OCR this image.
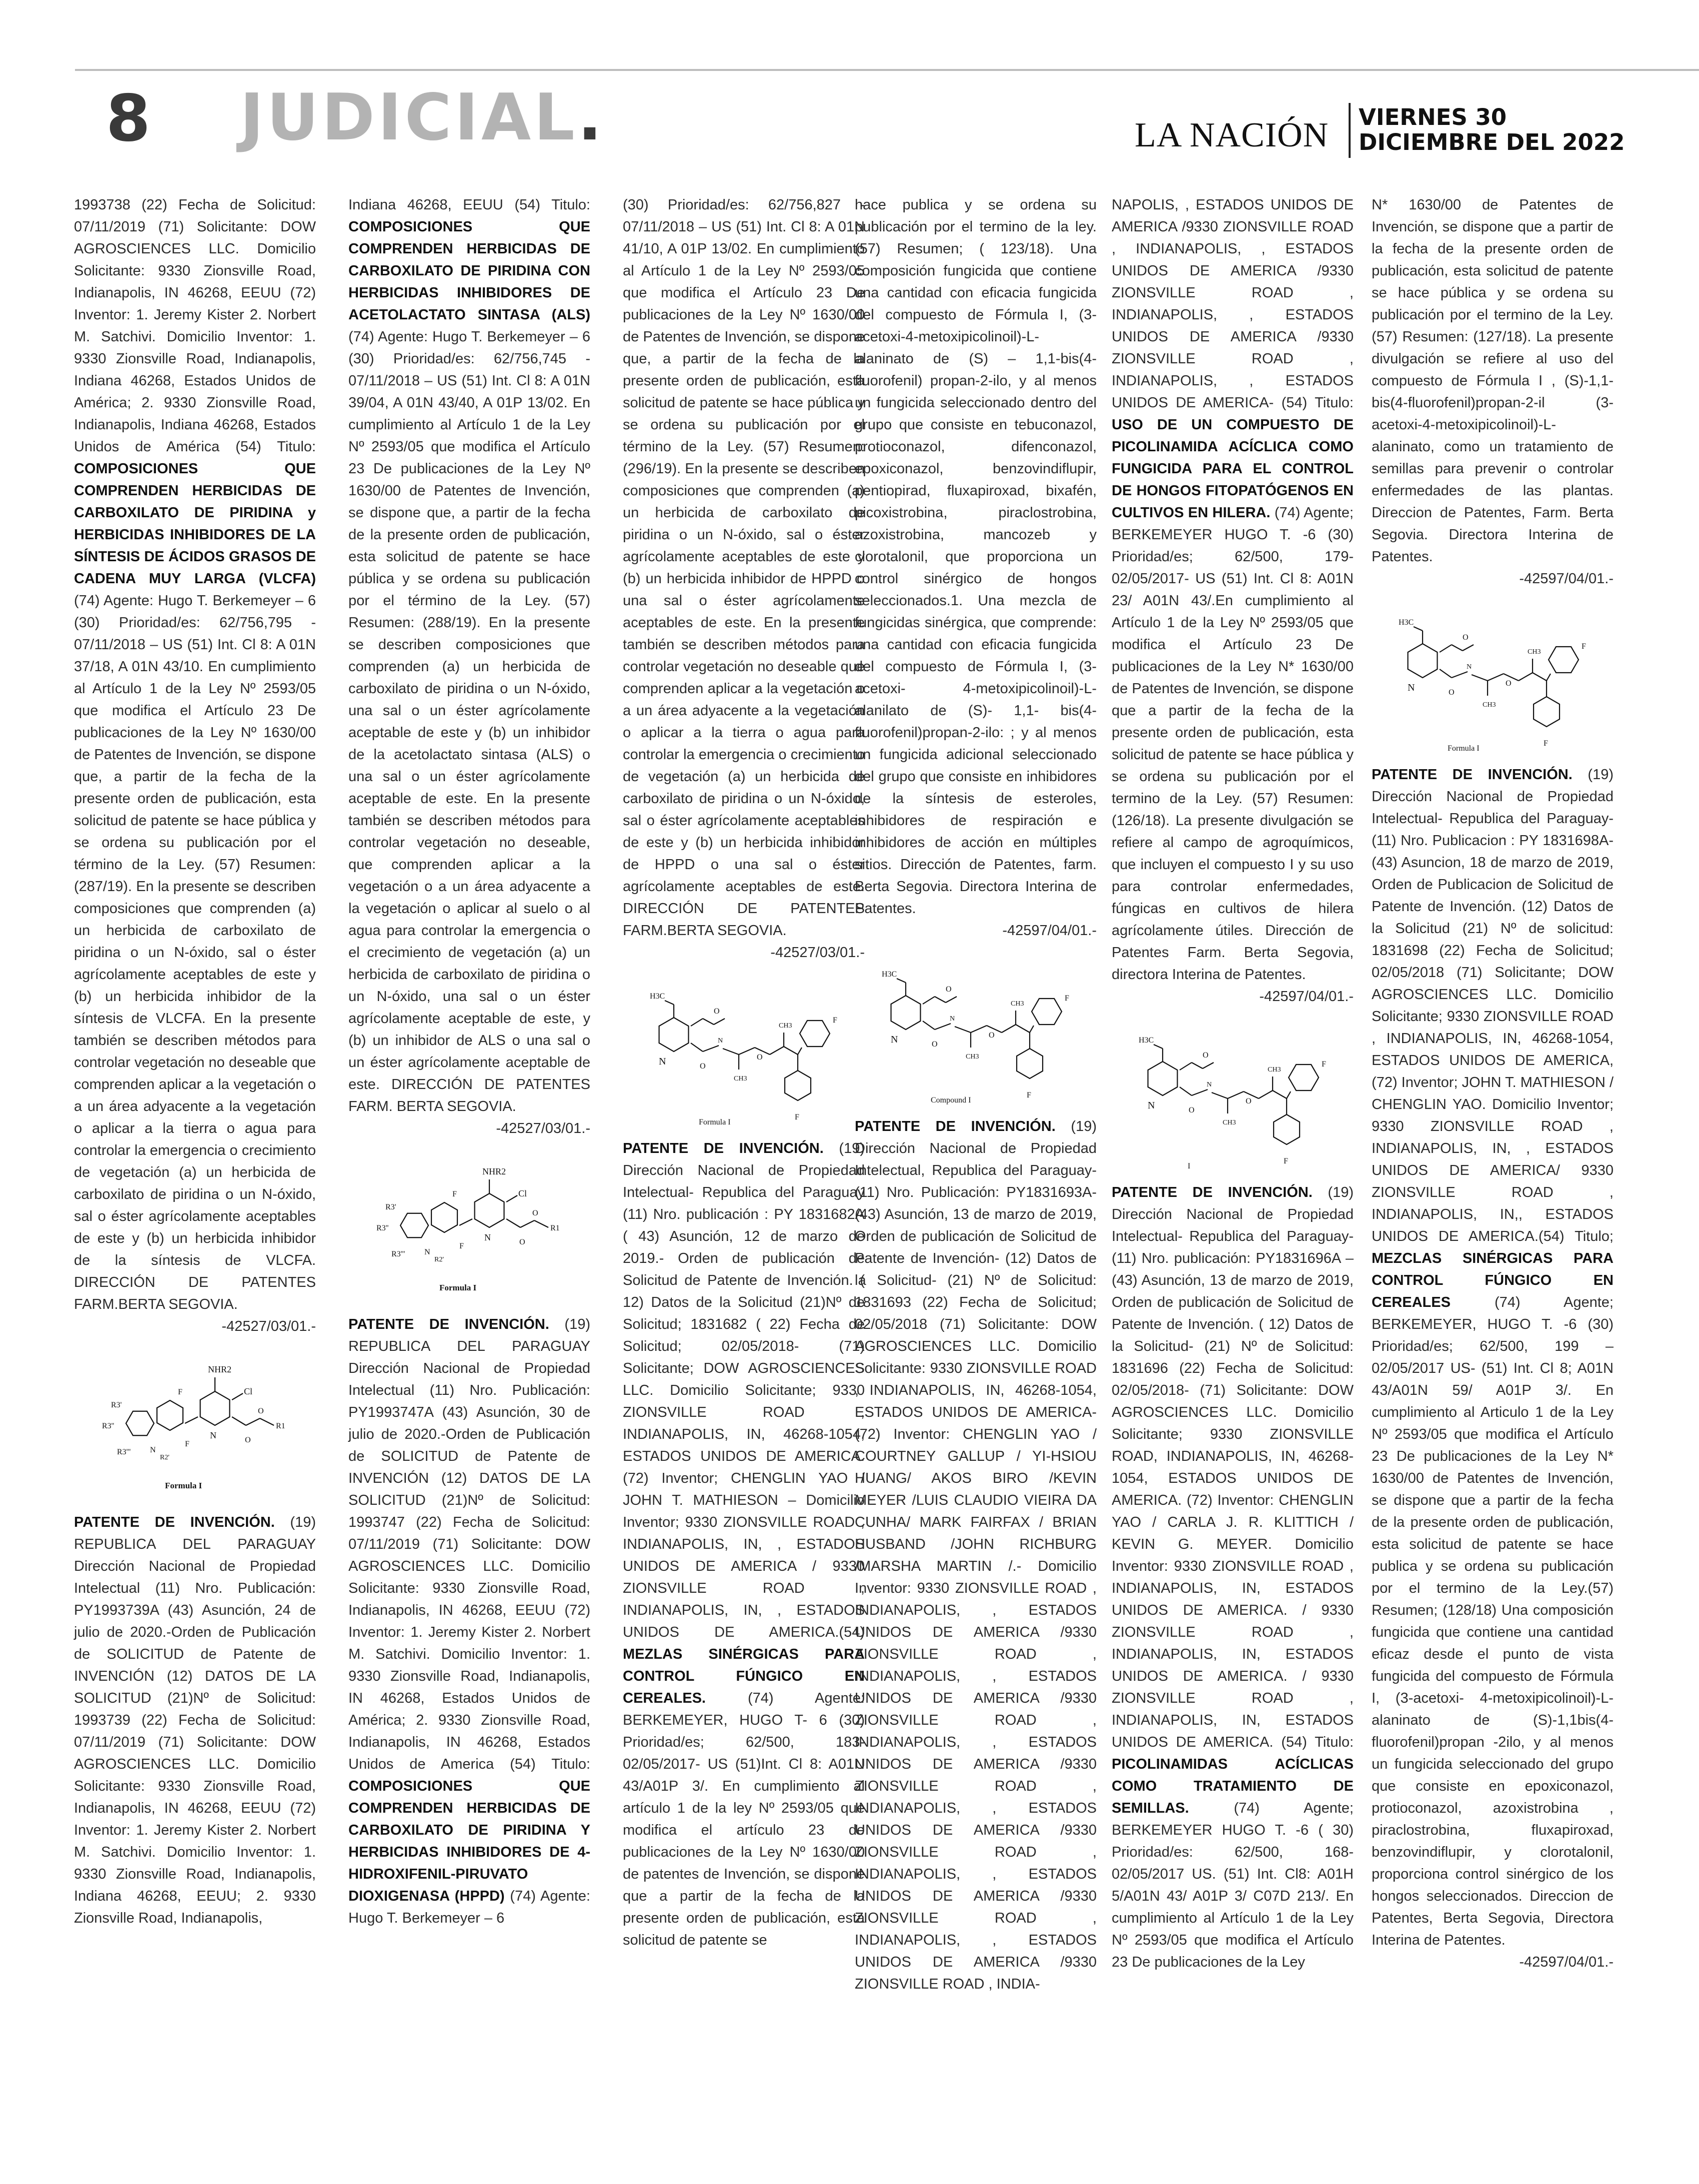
8 JUDICIAL.	LA NACIÓN VIERNES 30
DICIEMBRE DEL 2022

1993738 (22) Fecha de Solicitud: 07/11/2019 (71) Solicitante: DOW AGROSCIENCES LLC. Domicilio Solicitante: 9330 Zionsville Road, Indianapolis, IN 46268, EEUU (72) Inventor: 1. Jeremy Kister 2. Norbert M. Satchivi. Domicilio Inventor: 1. 9330 Zionsville Road, Indianapolis, Indiana 46268, Estados Unidos de América; 2. 9330 Zionsville Road, Indianapolis, Indiana 46268, Estados Unidos de América (54) Titulo: COMPOSICIONES QUE COMPRENDEN HERBICIDAS DE CARBOXILATO DE PIRIDINA y HERBICIDAS INHIBIDORES DE LA SÍNTESIS DE ÁCIDOS GRASOS DE CADENA MUY LARGA (VLCFA) (74) Agente: Hugo T. Berkemeyer – 6 (30) Prioridad/es: 62/756,795 - 07/11/2018 – US (51) Int. Cl 8: A 01N 37/18, A 01N 43/10. En cumplimiento al Artículo 1 de la Ley Nº 2593/05 que modifica el Artículo 23 De publicaciones de la Ley Nº 1630/00 de Patentes de Invención, se dispone que, a partir de la fecha de la presente orden de publicación, esta solicitud de patente se hace pública y se ordena su publicación por el término de la Ley. (57) Resumen: (287/19). En la presente se describen composiciones que comprenden (a) un herbicida de carboxilato de piridina o un N-óxido, sal o éster agrícolamente aceptables de este y (b) un herbicida inhibidor de la síntesis de VLCFA. En la presente también se describen métodos para controlar vegetación no deseable que comprenden aplicar a la vegetación o a un área adyacente a la vegetación o aplicar a la tierra o agua para controlar la emergencia o crecimiento de vegetación (a) un herbicida de carboxilato de piridina o un N-óxido, sal o éster agrícolamente aceptables de este y (b) un herbicida inhibidor de la síntesis de VLCFA. DIRECCIÓN DE PATENTES FARM.BERTA SEGOVIA.

-42527/03/01.-
N
NHR2
Cl
O
R1
O
F
F
R3'
R3''
R3''' N
R2'
Formula I

PATENTE DE INVENCIÓN. (19) REPUBLICA DEL PARAGUAY Dirección Nacional de Propiedad Intelectual (11) Nro. Publicación: PY1993739A (43) Asunción, 24 de julio de 2020.-Orden de Publicación de SOLICITUD de Patente de INVENCIÓN (12) DATOS DE LA SOLICITUD (21)Nº de Solicitud: 1993739 (22) Fecha de Solicitud: 07/11/2019 (71) Solicitante: DOW AGROSCIENCES LLC. Domicilio Solicitante: 9330 Zionsville Road, Indianapolis, IN 46268, EEUU (72) Inventor: 1. Jeremy Kister 2. Norbert M. Satchivi. Domicilio Inventor: 1. 9330 Zionsville Road, Indianapolis, Indiana 46268, EEUU; 2. 9330 Zionsville Road, Indianapolis,

Indiana 46268, EEUU (54) Titulo: COMPOSICIONES QUE COMPRENDEN HERBICIDAS DE CARBOXILATO DE PIRIDINA CON HERBICIDAS INHIBIDORES DE ACETOLACTATO SINTASA (ALS) (74) Agente: Hugo T. Berkemeyer – 6 (30) Prioridad/es: 62/756,745 - 07/11/2018 – US (51) Int. Cl 8: A 01N 39/04, A 01N 43/40, A 01P 13/02. En cumplimiento al Artículo 1 de la Ley Nº 2593/05 que modifica el Artículo 23 De publicaciones de la Ley Nº 1630/00 de Patentes de Invención, se dispone que, a partir de la fecha de la presente orden de publicación, esta solicitud de patente se hace pública y se ordena su publicación por el término de la Ley. (57) Resumen: (288/19). En la presente se describen composiciones que comprenden (a) un herbicida de carboxilato de piridina o un N-óxido, una sal o un éster agrícolamente aceptable de este y (b) un inhibidor de la acetolactato sintasa (ALS) o una sal o un éster agrícolamente aceptable de este. En la presente también se describen métodos para controlar vegetación no deseable, que comprenden aplicar a la vegetación o a un área adyacente a la vegetación o aplicar al suelo o al agua para controlar la emergencia o el crecimiento de vegetación (a) un herbicida de carboxilato de piridina o un N-óxido, una sal o un éster agrícolamente aceptable de este, y (b) un inhibidor de ALS o una sal o un éster agrícolamente aceptable de este. DIRECCIÓN DE PATENTES FARM. BERTA SEGOVIA.

-42527/03/01.-
N
NHR2
Cl
O
R1
O
F
F
R3'
R3''
R3''' N
R2'
Formula I

PATENTE DE INVENCIÓN. (19) REPUBLICA DEL PARAGUAY Dirección Nacional de Propiedad Intelectual (11) Nro. Publicación: PY1993747A (43) Asunción, 30 de julio de 2020.-Orden de Publicación de SOLICITUD de Patente de INVENCIÓN (12) DATOS DE LA SOLICITUD (21)Nº de Solicitud: 1993747 (22) Fecha de Solicitud: 07/11/2019 (71) Solicitante: DOW AGROSCIENCES LLC. Domicilio Solicitante: 9330 Zionsville Road, Indianapolis, IN 46268, EEUU (72) Inventor: 1. Jeremy Kister 2. Norbert M. Satchivi. Domicilio Inventor: 1. 9330 Zionsville Road, Indianapolis, IN 46268, Estados Unidos de América; 2. 9330 Zionsville Road, Indianapolis, IN 46268, Estados Unidos de America (54) Titulo: COMPOSICIONES QUE COMPRENDEN HERBICIDAS DE CARBOXILATO DE PIRIDINA Y HERBICIDAS INHIBIDORES DE 4-HIDROXIFENIL-PIRUVATO DIOXIGENASA (HPPD) (74) Agente: Hugo T. Berkemeyer – 6

(30) Prioridad/es: 62/756,827 - 07/11/2018 – US (51) Int. Cl 8: A 01N 41/10, A 01P 13/02. En cumplimiento al Artículo 1 de la Ley Nº 2593/05 que modifica el Artículo 23 De publicaciones de la Ley Nº 1630/00 de Patentes de Invención, se dispone que, a partir de la fecha de la presente orden de publicación, esta solicitud de patente se hace pública y se ordena su publicación por el término de la Ley. (57) Resumen: (296/19). En la presente se describen composiciones que comprenden (a) un herbicida de carboxilato de piridina o un N-óxido, sal o éster agrícolamente aceptables de este y (b) un herbicida inhibidor de HPPD o una sal o éster agrícolamente aceptables de este. En la presente también se describen métodos para controlar vegetación no deseable que comprenden aplicar a la vegetación o a un área adyacente a la vegetación o aplicar a la tierra o agua para controlar la emergencia o crecimiento de vegetación (a) un herbicida de carboxilato de piridina o un N-óxido, sal o éster agrícolamente aceptables de este y (b) un herbicida inhibidor de HPPD o una sal o éster agrícolamente aceptables de este. DIRECCIÓN DE PATENTES FARM.BERTA SEGOVIA.

-42527/03/01.-
N
H3C
O
O
N
CH3
O
CH3
F
F
Formula I

PATENTE DE INVENCIÓN. (19) Dirección Nacional de Propiedad Intelectual- Republica del Paraguay (11) Nro. publicación : PY 1831682A ( 43) Asunción, 12 de marzo de 2019.- Orden de publicación de Solicitud de Patente de Invención. ( 12) Datos de la Solicitud (21)Nº de Solicitud; 1831682 ( 22) Fecha de Solicitud; 02/05/2018- (71) Solicitante; DOW AGROSCIENCES LLC. Domicilio Solicitante; 9330 ZIONSVILLE ROAD , INDIANAPOLIS, IN, 46268-1054, ESTADOS UNIDOS DE AMERICA. (72) Inventor; CHENGLIN YAO / JOHN T. MATHIESON – Domicilio Inventor; 9330 ZIONSVILLE ROAD , INDIANAPOLIS, IN, , ESTADOS UNIDOS DE AMERICA / 9330 ZIONSVILLE ROAD , INDIANAPOLIS, IN, , ESTADOS UNIDOS DE AMERICA.(54) MEZLAS SINÉRGICAS PARA CONTROL FÚNGICO EN CEREALES. (74) Agente: BERKEMEYER, HUGO T- 6 (30) Prioridad/es; 62/500, 183- 02/05/2017- US (51)Int. Cl 8: A01N 43/A01P 3/. En cumplimiento al artículo 1 de la ley Nº 2593/05 que modifica el artículo 23 de publicaciones de la Ley Nº 1630/00 de patentes de Invención, se dispone que a partir de la fecha de la presente orden de publicación, esta solicitud de patente se

hace publica y se ordena su publicación por el termino de la ley. (57) Resumen; ( 123/18). Una composición fungicida que contiene una cantidad con eficacia fungicida del compuesto de Fórmula I, (3-acetoxi-4-metoxipicolinoil)-L- alaninato de (S) – 1,1-bis(4-fluorofenil) propan-2-ilo, y al menos un fungicida seleccionado dentro del grupo que consiste en tebuconazol, protioconazol, difenconazol, epoxiconazol, benzovindiflupir, pentiopirad, fluxapiroxad, bixafén, picoxistrobina, piraclostrobina, azoxistrobina, mancozeb y clorotalonil, que proporciona un control sinérgico de hongos seleccionados.1. Una mezcla de fungicidas sinérgica, que comprende: una cantidad con eficacia fungicida del compuesto de Fórmula I, (3-acetoxi- 4-metoxipicolinoil)-L-alanilato de (S)- 1,1- bis(4-fluorofenil)propan-2-ilo: ; y al menos un fungicida adicional seleccionado del grupo que consiste en inhibidores de la síntesis de esteroles, inhibidores de respiración e inhibidores de acción en múltiples sitios. Dirección de Patentes, farm. Berta Segovia. Directora Interina de Patentes.

-42597/04/01.-
N
H3C
O
O
N
CH3
O
CH3
F
F
Compound I

PATENTE DE INVENCIÓN. (19) Dirección Nacional de Propiedad Intelectual, Republica del Paraguay- (11) Nro. Publicación: PY1831693A- (43) Asunción, 13 de marzo de 2019, Orden de publicación de Solicitud de Patente de Invención- (12) Datos de la Solicitud- (21) Nº de Solicitud: 1831693 (22) Fecha de Solicitud; 02/05/2018 (71) Solicitante: DOW AGROSCIENCES LLC. Domicilio Solicitante: 9330 ZIONSVILLE ROAD , INDIANAPOLIS, IN, 46268-1054, ESTADOS UNIDOS DE AMERICA- (72) Inventor: CHENGLIN YAO / COURTNEY GALLUP / YI-HSIOU HUANG/ AKOS BIRO /KEVIN MEYER /LUIS CLAUDIO VIEIRA DA CUNHA/ MARK FAIRFAX / BRIAN HUSBAND /JOHN RICHBURG /MARSHA MARTIN /.- Domicilio Inventor: 9330 ZIONSVILLE ROAD , INDIANAPOLIS, , ESTADOS UNIDOS DE AMERICA /9330 ZIONSVILLE ROAD , INDIANAPOLIS, , ESTADOS UNIDOS DE AMERICA /9330 ZIONSVILLE ROAD , INDIANAPOLIS, , ESTADOS UNIDOS DE AMERICA /9330 ZIONSVILLE ROAD , INDIANAPOLIS, , ESTADOS UNIDOS DE AMERICA /9330 ZIONSVILLE ROAD , INDIANAPOLIS, , ESTADOS UNIDOS DE AMERICA /9330 ZIONSVILLE ROAD , INDIANAPOLIS, , ESTADOS UNIDOS DE AMERICA /9330 ZIONSVILLE ROAD , INDIA-

NAPOLIS, , ESTADOS UNIDOS DE AMERICA /9330 ZIONSVILLE ROAD , INDIANAPOLIS, , ESTADOS UNIDOS DE AMERICA /9330 ZIONSVILLE ROAD , INDIANAPOLIS, , ESTADOS UNIDOS DE AMERICA /9330 ZIONSVILLE ROAD , INDIANAPOLIS, , ESTADOS UNIDOS DE AMERICA- (54) Titulo: USO DE UN COMPUESTO DE PICOLINAMIDA ACÍCLICA COMO FUNGICIDA PARA EL CONTROL DE HONGOS FITOPATÓGENOS EN CULTIVOS EN HILERA. (74) Agente; BERKEMEYER HUGO T. -6 (30) Prioridad/es; 62/500, 179- 02/05/2017- US (51) Int. Cl 8: A01N 23/ A01N 43/.En cumplimiento al Artículo 1 de la Ley Nº 2593/05 que modifica el Artículo 23 De publicaciones de la Ley N* 1630/00 de Patentes de Invención, se dispone que a partir de la fecha de la presente orden de publicación, esta solicitud de patente se hace pública y se ordena su publicación por el termino de la Ley. (57) Resumen: (126/18). La presente divulgación se refiere al campo de agroquímicos, que incluyen el compuesto I y su uso para controlar enfermedades, fúngicas en cultivos de hilera agrícolamente útiles. Dirección de Patentes Farm. Berta Segovia, directora Interina de Patentes.

-42597/04/01.-
N
H3C
O
O
N
CH3
O
CH3
F
F
I

PATENTE DE INVENCIÓN. (19) Dirección Nacional de Propiedad Intelectual- Republica del Paraguay- (11) Nro. publicación: PY1831696A –(43) Asunción, 13 de marzo de 2019, Orden de publicación de Solicitud de Patente de Invención. ( 12) Datos de la Solicitud- (21) Nº de Solicitud: 1831696 (22) Fecha de Solicitud: 02/05/2018- (71) Solicitante: DOW AGROSCIENCES LLC. Domicilio Solicitante; 9330 ZIONSVILLE ROAD, INDIANAPOLIS, IN, 46268-1054, ESTADOS UNIDOS DE AMERICA. (72) Inventor: CHENGLIN YAO / CARLA J. R. KLITTICH / KEVIN G. MEYER. Domicilio Inventor: 9330 ZIONSVILLE ROAD , INDIANAPOLIS, IN, ESTADOS UNIDOS DE AMERICA. / 9330 ZIONSVILLE ROAD , INDIANAPOLIS, IN, ESTADOS UNIDOS DE AMERICA. / 9330 ZIONSVILLE ROAD , INDIANAPOLIS, IN, ESTADOS UNIDOS DE AMERICA. (54) Titulo: PICOLINAMIDAS ACÍCLICAS COMO TRATAMIENTO DE SEMILLAS. (74) Agente; BERKEMEYER HUGO T. -6 ( 30) Prioridad/es: 62/500, 168- 02/05/2017 US. (51) Int. Cl8: A01H 5/A01N 43/ A01P 3/ C07D 213/. En cumplimiento al Artículo 1 de la Ley Nº 2593/05 que modifica el Artículo 23 De publicaciones de la Ley

N* 1630/00 de Patentes de Invención, se dispone que a partir de la fecha de la presente orden de publicación, esta solicitud de patente se hace pública y se ordena su publicación por el termino de la Ley. (57) Resumen: (127/18). La presente divulgación se refiere al uso del compuesto de Fórmula I , (S)-1,1-bis(4-fluorofenil)propan-2-il (3-acetoxi-4-metoxipicolinoil)-L-alaninato, como un tratamiento de semillas para prevenir o controlar enfermedades de las plantas. Direccion de Patentes, Farm. Berta Segovia. Directora Interina de Patentes.

-42597/04/01.-
N
H3C
O
O
N
CH3
O
CH3
F
F
Formula I

PATENTE DE INVENCIÓN. (19) Dirección Nacional de Propiedad Intelectual- Republica del Paraguay- (11) Nro. Publicacion : PY 1831698A- (43) Asuncion, 18 de marzo de 2019, Orden de Publicacion de Solicitud de Patente de Invención. (12) Datos de la Solicitud (21) Nº de solicitud: 1831698 (22) Fecha de Solicitud; 02/05/2018 (71) Solicitante; DOW AGROSCIENCES LLC. Domicilio Solicitante; 9330 ZIONSVILLE ROAD , INDIANAPOLIS, IN, 46268-1054, ESTADOS UNIDOS DE AMERICA, (72) Inventor; JOHN T. MATHIESON / CHENGLIN YAO. Domicilio Inventor; 9330 ZIONSVILLE ROAD , INDIANAPOLIS, IN, , ESTADOS UNIDOS DE AMERICA/ 9330 ZIONSVILLE ROAD , INDIANAPOLIS, IN,, ESTADOS UNIDOS DE AMERICA.(54) Titulo; MEZCLAS SINÉRGICAS PARA CONTROL FÚNGICO EN CEREALES (74) Agente; BERKEMEYER, HUGO T. -6 (30) Prioridad/es; 62/500, 199 – 02/05/2017 US- (51) Int. Cl 8; A01N 43/A01N 59/ A01P 3/. En cumplimiento al Articulo 1 de la Ley Nº 2593/05 que modifica el Artículo 23 De publicaciones de la Ley N* 1630/00 de Patentes de Invención, se dispone que a partir de la fecha de la presente orden de publicación, esta solicitud de patente se hace publica y se ordena su publicación por el termino de la Ley.(57) Resumen; (128/18) Una composición fungicida que contiene una cantidad eficaz desde el punto de vista fungicida del compuesto de Fórmula I, (3-acetoxi- 4-metoxipicolinoil)-L- alaninato de (S)-1,1bis(4-fluorofenil)propan -2ilo, y al menos un fungicida seleccionado del grupo que consiste en epoxiconazol, protioconazol, azoxistrobina , piraclostrobina, fluxapiroxad, benzovindiflupir, y clorotalonil, proporciona control sinérgico de los hongos seleccionados. Direccion de Patentes, Berta Segovia, Directora Interina de Patentes.

-42597/04/01.-
